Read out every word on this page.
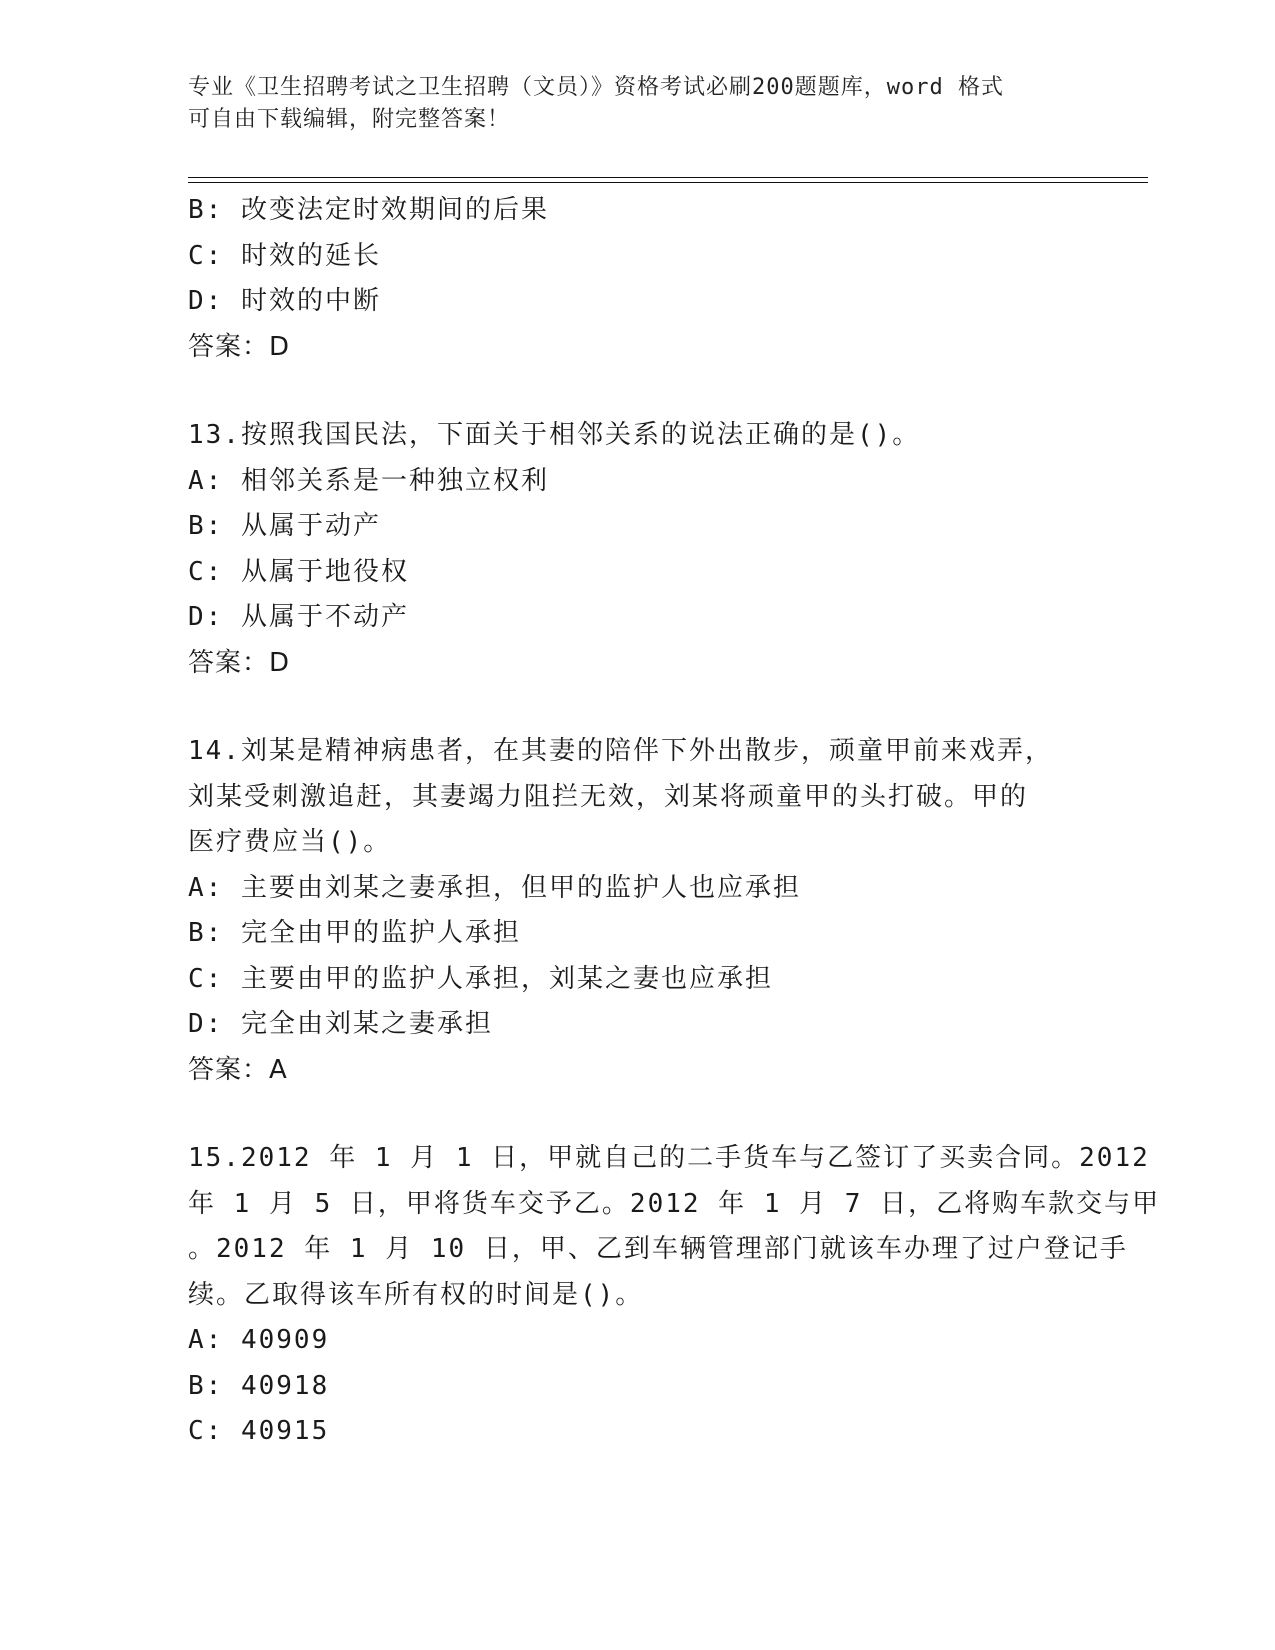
专业《卫生招聘考试之卫生招聘（文员）》资格考试必刷200题题库，word 格式
可自由下载编辑，附完整答案！
B: 改变法定时效期间的后果
C: 时效的延长
D: 时效的中断
答案：D
13.按照我国民法，下面关于相邻关系的说法正确的是()。
A: 相邻关系是一种独立权利
B: 从属于动产
C: 从属于地役权
D: 从属于不动产
答案：D
14.刘某是精神病患者，在其妻的陪伴下外出散步，顽童甲前来戏弄，
刘某受刺激追赶，其妻竭力阻拦无效，刘某将顽童甲的头打破。甲的
医疗费应当()。
A: 主要由刘某之妻承担，但甲的监护人也应承担
B: 完全由甲的监护人承担
C: 主要由甲的监护人承担，刘某之妻也应承担
D: 完全由刘某之妻承担
答案：A
15.2012 年 1 月 1 日，甲就自己的二手货车与乙签订了买卖合同。2012
年 1 月 5 日，甲将货车交予乙。2012 年 1 月 7 日，乙将购车款交与甲
。2012 年 1 月 10 日，甲、乙到车辆管理部门就该车办理了过户登记手
续。乙取得该车所有权的时间是()。
A: 40909
B: 40918
C: 40915
